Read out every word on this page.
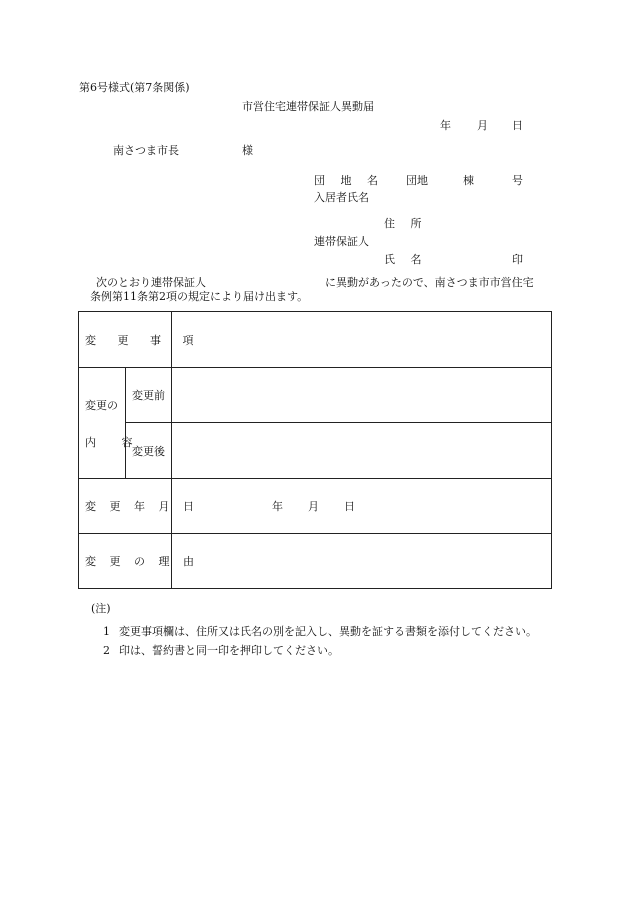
第6号様式(第7条関係)
市営住宅連帯保証人異動届
年 月 日
南さつま市長	様
団 地 名 団地	棟	号
入居者氏名
住 所
連帯保証人
氏 名	印
次のとおり連帯保証人	に異動があったので、南さつま市市営住宅
条例第11条第2項の規定により届け出ます。
変 更 事 項		

変更の
内 容	変更前	
	変更後	
変 更 年 月 日		年 月 日

変 更 の 理 由		
(注)
1 変更事項欄は、住所又は氏名の別を記入し、異動を証する書類を添付してください。
2 印は、誓約書と同一印を押印してください。
